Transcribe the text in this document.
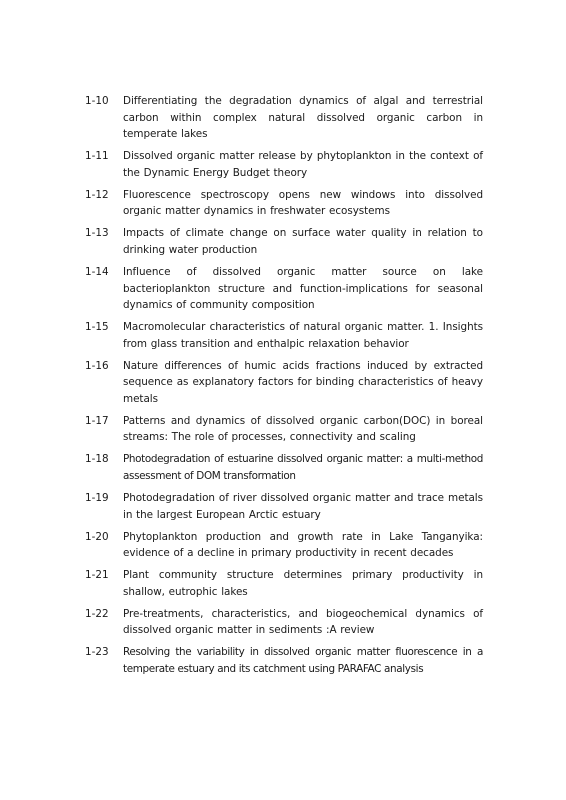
1-10	Differentiating the degradation dynamics of algal and terrestrial carbon within complex natural dissolved organic carbon in temperate lakes
1-11	Dissolved organic matter release by phytoplankton in the context of the Dynamic Energy Budget theory
1-12	Fluorescence spectroscopy opens new windows into dissolved organic matter dynamics in freshwater ecosystems
1-13	Impacts of climate change on surface water quality in relation to drinking water production
1-14	Influence of dissolved organic matter source on lake bacterioplankton structure and function-implications for seasonal dynamics of community composition
1-15	Macromolecular characteristics of natural organic matter. 1. Insights from glass transition and enthalpic relaxation behavior
1-16	Nature differences of humic acids fractions induced by extracted sequence as explanatory factors for binding characteristics of heavy metals
1-17	Patterns and dynamics of dissolved organic carbon(DOC) in boreal streams: The role of processes, connectivity and scaling
1-18	Photodegradation of estuarine dissolved organic matter: a multi-method assessment of DOM transformation
1-19	Photodegradation of river dissolved organic matter and trace metals in the largest European Arctic estuary
1-20	Phytoplankton production and growth rate in Lake Tanganyika: evidence of a decline in primary productivity in recent decades
1-21	Plant community structure determines primary productivity in shallow, eutrophic lakes
1-22	Pre-treatments, characteristics, and biogeochemical dynamics of dissolved organic matter in sediments :A review
1-23	Resolving the variability in dissolved organic matter fluorescence in a temperate estuary and its catchment using PARAFAC analysis
